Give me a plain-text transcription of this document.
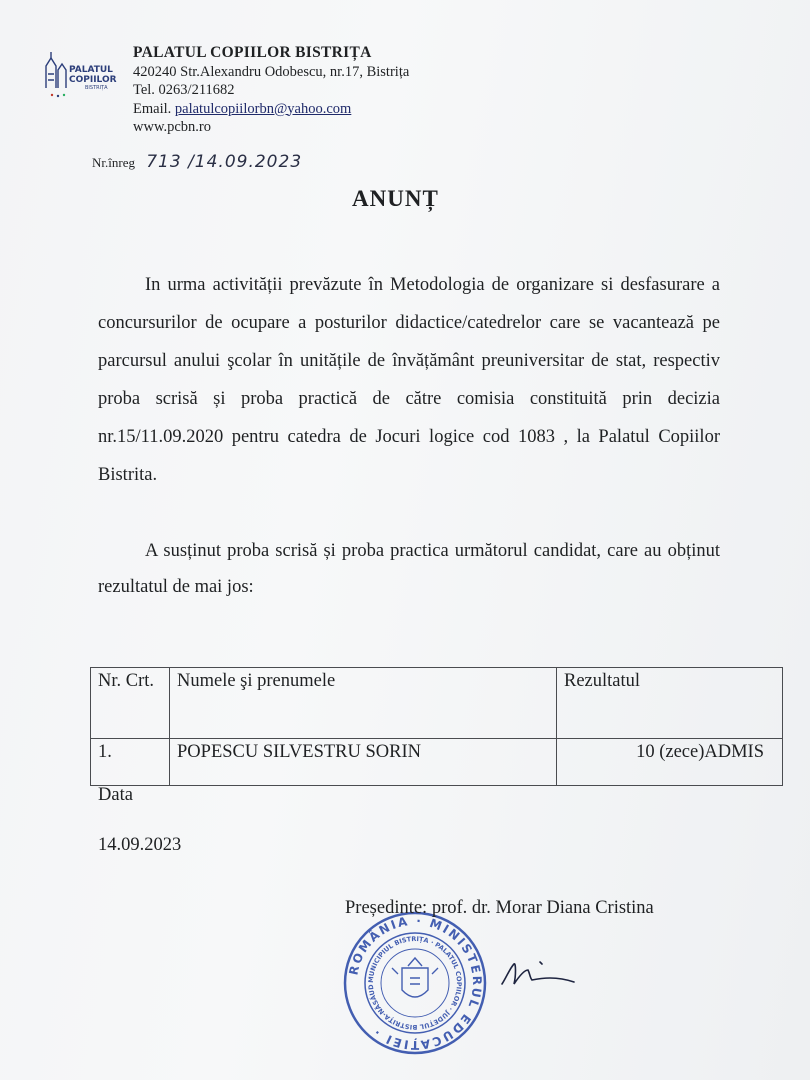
PALATUL
COPIILOR
BISTRIȚA
PALATUL COPIILOR BISTRIȚA
420240 Str.Alexandru Odobescu, nr.17, Bistrița
Tel. 0263/211682
Email. palatulcopiilorbn@yahoo.com
www.pcbn.ro
Nr.înreg 713 /14.09.2023
ANUNȚ
In urma activității prevăzute în Metodologia de organizare si desfasurare a concursurilor de ocupare a posturilor didactice/catedrelor care se vacantează pe parcursul anului şcolar în unitățile de învățământ preuniversitar de stat, respectiv proba scrisă și proba practică de către comisia constituită prin decizia nr.15/11.09.2020 pentru catedra de Jocuri logice cod 1083 , la Palatul Copiilor Bistrita.
A susținut proba scrisă și proba practica următorul candidat, care au obținut rezultatul de mai jos:
Nr. Crt.	Numele şi prenumele	Rezultatul
1.	POPESCU SILVESTRU SORIN	10 (zece)ADMIS
Data
14.09.2023
ROMÂNIA · MINISTERUL EDUCAȚIEI ·
MUNICIPIUL BISTRIȚA · PALATUL COPIILOR · JUDEȚUL BISTRIȚA-NĂSĂUD
Președinte: prof. dr. Morar Diana Cristina
